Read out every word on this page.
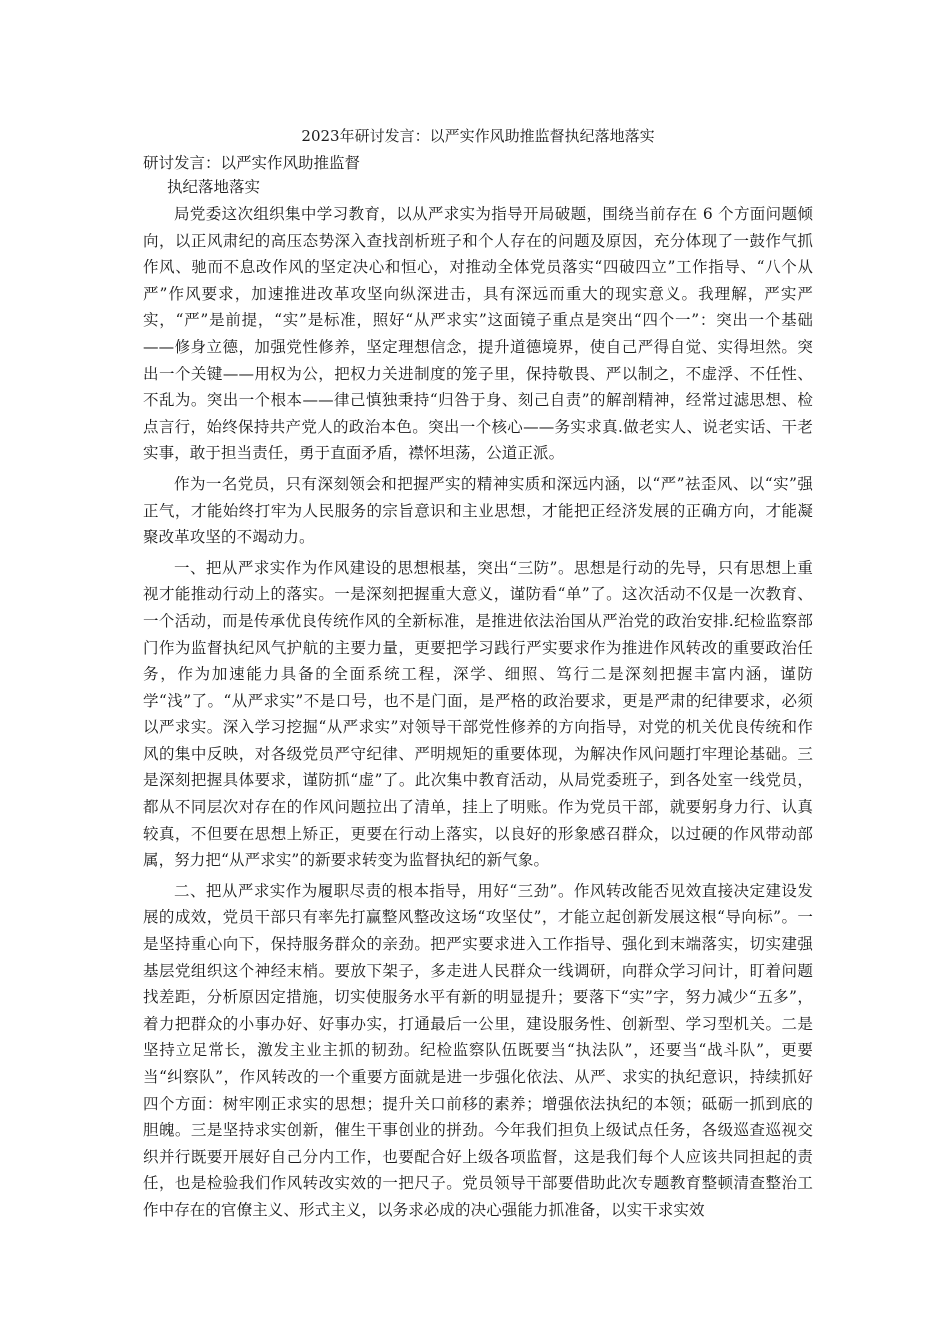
2023年研讨发言：以严实作风助推监督执纪落地落实

研讨发言：以严实作风助推监督

执纪落地落实

局党委这次组织集中学习教育，以从严求实为指导开局破题，围绕当前存在 6 个方面问题倾向，以正风肃纪的高压态势深入查找剖析班子和个人存在的问题及原因，充分体现了一鼓作气抓作风、驰而不息改作风的坚定决心和恒心，对推动全体党员落实“四破四立”工作指导、“八个从严”作风要求，加速推进改革攻坚向纵深进击，具有深远而重大的现实意义。我理解，严实严实，“严”是前提，“实”是标准，照好“从严求实”这面镜子重点是突出“四个一”：突出一个基础——修身立德，加强党性修养，坚定理想信念，提升道德境界，使自己严得自觉、实得坦然。突出一个关键——用权为公，把权力关进制度的笼子里，保持敬畏、严以制之，不虚浮、不任性、不乱为。突出一个根本——律己慎独秉持“归咎于身、刻己自责”的解剖精神，经常过滤思想、检点言行，始终保持共产党人的政治本色。突出一个核心——务实求真.做老实人、说老实话、干老实事，敢于担当责任，勇于直面矛盾，襟怀坦荡，公道正派。

作为一名党员，只有深刻领会和把握严实的精神实质和深远内涵，以“严”祛歪风、以“实”强正气，才能始终打牢为人民服务的宗旨意识和主业思想，才能把正经济发展的正确方向，才能凝聚改革攻坚的不竭动力。

一、把从严求实作为作风建设的思想根基，突出“三防”。思想是行动的先导，只有思想上重视才能推动行动上的落实。一是深刻把握重大意义，谨防看“单”了。这次活动不仅是一次教育、一个活动，而是传承优良传统作风的全新标准，是推进依法治国从严治党的政治安排.纪检监察部门作为监督执纪风气护航的主要力量，更要把学习践行严实要求作为推进作风转改的重要政治任务，作为加速能力具备的全面系统工程，深学、细照、笃行二是深刻把握丰富内涵，谨防学“浅”了。“从严求实”不是口号，也不是门面，是严格的政治要求，更是严肃的纪律要求，必须以严求实。深入学习挖掘“从严求实”对领导干部党性修养的方向指导，对党的机关优良传统和作风的集中反映，对各级党员严守纪律、严明规矩的重要体现，为解决作风问题打牢理论基础。三是深刻把握具体要求，谨防抓“虚”了。此次集中教育活动，从局党委班子，到各处室一线党员，都从不同层次对存在的作风问题拉出了清单，挂上了明账。作为党员干部，就要躬身力行、认真较真，不但要在思想上矫正，更要在行动上落实，以良好的形象感召群众，以过硬的作风带动部属，努力把“从严求实”的新要求转变为监督执纪的新气象。

二、把从严求实作为履职尽责的根本指导，用好“三劲”。作风转改能否见效直接决定建设发展的成效，党员干部只有率先打赢整风整改这场“攻坚仗”，才能立起创新发展这根“导向标”。一是坚持重心向下，保持服务群众的亲劲。把严实要求进入工作指导、强化到末端落实，切实建强基层党组织这个神经末梢。要放下架子，多走进人民群众一线调研，向群众学习问计，盯着问题找差距，分析原因定措施，切实使服务水平有新的明显提升；要落下“实”字，努力减少“五多”，着力把群众的小事办好、好事办实，打通最后一公里，建设服务性、创新型、学习型机关。二是坚持立足常长，激发主业主抓的韧劲。纪检监察队伍既要当“执法队”，还要当“战斗队”，更要当“纠察队”，作风转改的一个重要方面就是进一步强化依法、从严、求实的执纪意识，持续抓好四个方面：树牢刚正求实的思想；提升关口前移的素养；增强依法执纪的本领；砥砺一抓到底的胆魄。三是坚持求实创新，催生干事创业的拼劲。今年我们担负上级试点任务，各级巡查巡视交织并行既要开展好自己分内工作，也要配合好上级各项监督，这是我们每个人应该共同担起的责任，也是检验我们作风转改实效的一把尺子。党员领导干部要借助此次专题教育整顿清查整治工作中存在的官僚主义、形式主义，以务求必成的决心强能力抓准备，以实干求实效
